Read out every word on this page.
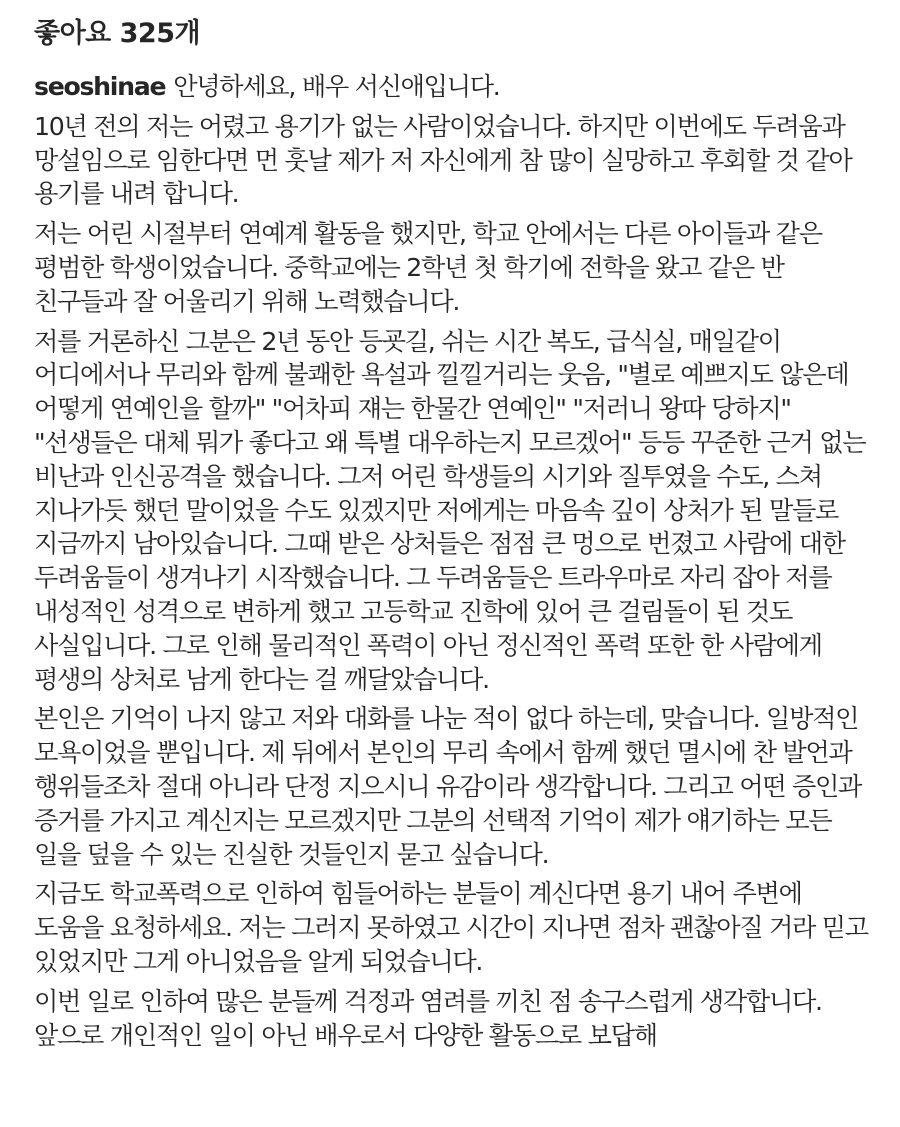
좋아요 325개

seoshinae 안녕하세요, 배우 서신애입니다.

10년 전의 저는 어렸고 용기가 없는 사람이었습니다. 하지만 이번에도 두려움과 망설임으로 임한다면 먼 훗날 제가 저 자신에게 참 많이 실망하고 후회할 것 같아 용기를 내려 합니다.

저는 어린 시절부터 연예계 활동을 했지만, 학교 안에서는 다른 아이들과 같은 평범한 학생이었습니다. 중학교에는 2학년 첫 학기에 전학을 왔고 같은 반 친구들과 잘 어울리기 위해 노력했습니다.

저를 거론하신 그분은 2년 동안 등굣길, 쉬는 시간 복도, 급식실, 매일같이 어디에서나 무리와 함께 불쾌한 욕설과 낄낄거리는 웃음, "별로 예쁘지도 않은데 어떻게 연예인을 할까" "어차피 쟤는 한물간 연예인" "저러니 왕따 당하지" "선생들은 대체 뭐가 좋다고 왜 특별 대우하는지 모르겠어" 등등 꾸준한 근거 없는 비난과 인신공격을 했습니다. 그저 어린 학생들의 시기와 질투였을 수도, 스쳐 지나가듯 했던 말이었을 수도 있겠지만 저에게는 마음속 깊이 상처가 된 말들로 지금까지 남아있습니다. 그때 받은 상처들은 점점 큰 멍으로 번졌고 사람에 대한 두려움들이 생겨나기 시작했습니다. 그 두려움들은 트라우마로 자리 잡아 저를 내성적인 성격으로 변하게 했고 고등학교 진학에 있어 큰 걸림돌이 된 것도 사실입니다. 그로 인해 물리적인 폭력이 아닌 정신적인 폭력 또한 한 사람에게 평생의 상처로 남게 한다는 걸 깨달았습니다.

본인은 기억이 나지 않고 저와 대화를 나눈 적이 없다 하는데, 맞습니다. 일방적인 모욕이었을 뿐입니다. 제 뒤에서 본인의 무리 속에서 함께 했던 멸시에 찬 발언과 행위들조차 절대 아니라 단정 지으시니 유감이라 생각합니다. 그리고 어떤 증인과 증거를 가지고 계신지는 모르겠지만 그분의 선택적 기억이 제가 얘기하는 모든 일을 덮을 수 있는 진실한 것들인지 묻고 싶습니다.

지금도 학교폭력으로 인하여 힘들어하는 분들이 계신다면 용기 내어 주변에 도움을 요청하세요. 저는 그러지 못하였고 시간이 지나면 점차 괜찮아질 거라 믿고 있었지만 그게 아니었음을 알게 되었습니다.

이번 일로 인하여 많은 분들께 걱정과 염려를 끼친 점 송구스럽게 생각합니다. 앞으로 개인적인 일이 아닌 배우로서 다양한 활동으로 보답해
